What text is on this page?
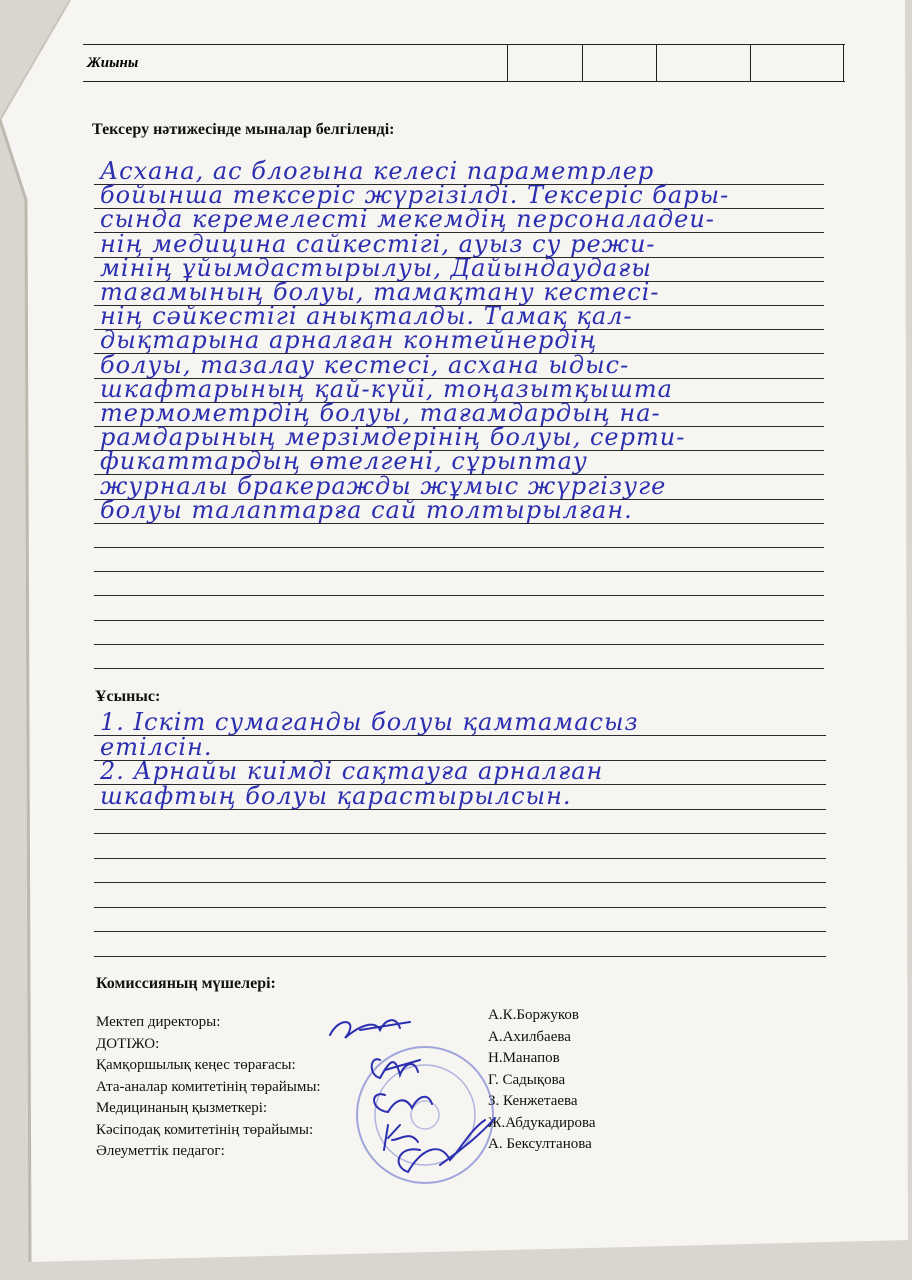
Жиыны
Тексеру нәтижесінде мыналар белгіленді:
Асхана, ас блогына келесі параметрлер
бойынша тексеріс жүргізілді. Тексеріс бары-
сында керемелесті мекемдің персоналадеи-
нің медицина сайкестігі, ауыз су режи-
мінің ұйымдастырылуы, Дайындаудағы
тағамының болуы, тамақтану кестесі-
нің сәйкестігі анықталды. Тамақ қал-
дықтарына арналған контейнердің
болуы, тазалау кестесі, асхана ыдыс-
шкафтарының қай-күйі, тоңазытқышта
термометрдің болуы, тағамдардың на-
рамдарының мерзімдерінің болуы, серти-
фикаттардың өтелгені, сұрыптау
журналы бракеражды жұмыс жүргізуге
болуы талаптарға сай толтырылған.
Ұсыныс:
1. Іскіт сумаганды болуы қамтамасыз
етілсін.
2. Арнайы киімді сақтауға арналған
шкафтың болуы қарастырылсын.
Комиссияның мүшелері:
Мектеп директоры:
ДОТІЖО:
Қамқоршылық кеңес төрағасы:
Ата-аналар комитетінің төрайымы:
Медицинаның қызметкері:
Кәсіподақ комитетінің төрайымы:
Әлеуметтік педагог:
А.К.Боржуков
А.Ахилбаева
Н.Манапов
Г. Садықова
З. Кенжетаева
Ж.Абдукадирова
А. Бексултанова
